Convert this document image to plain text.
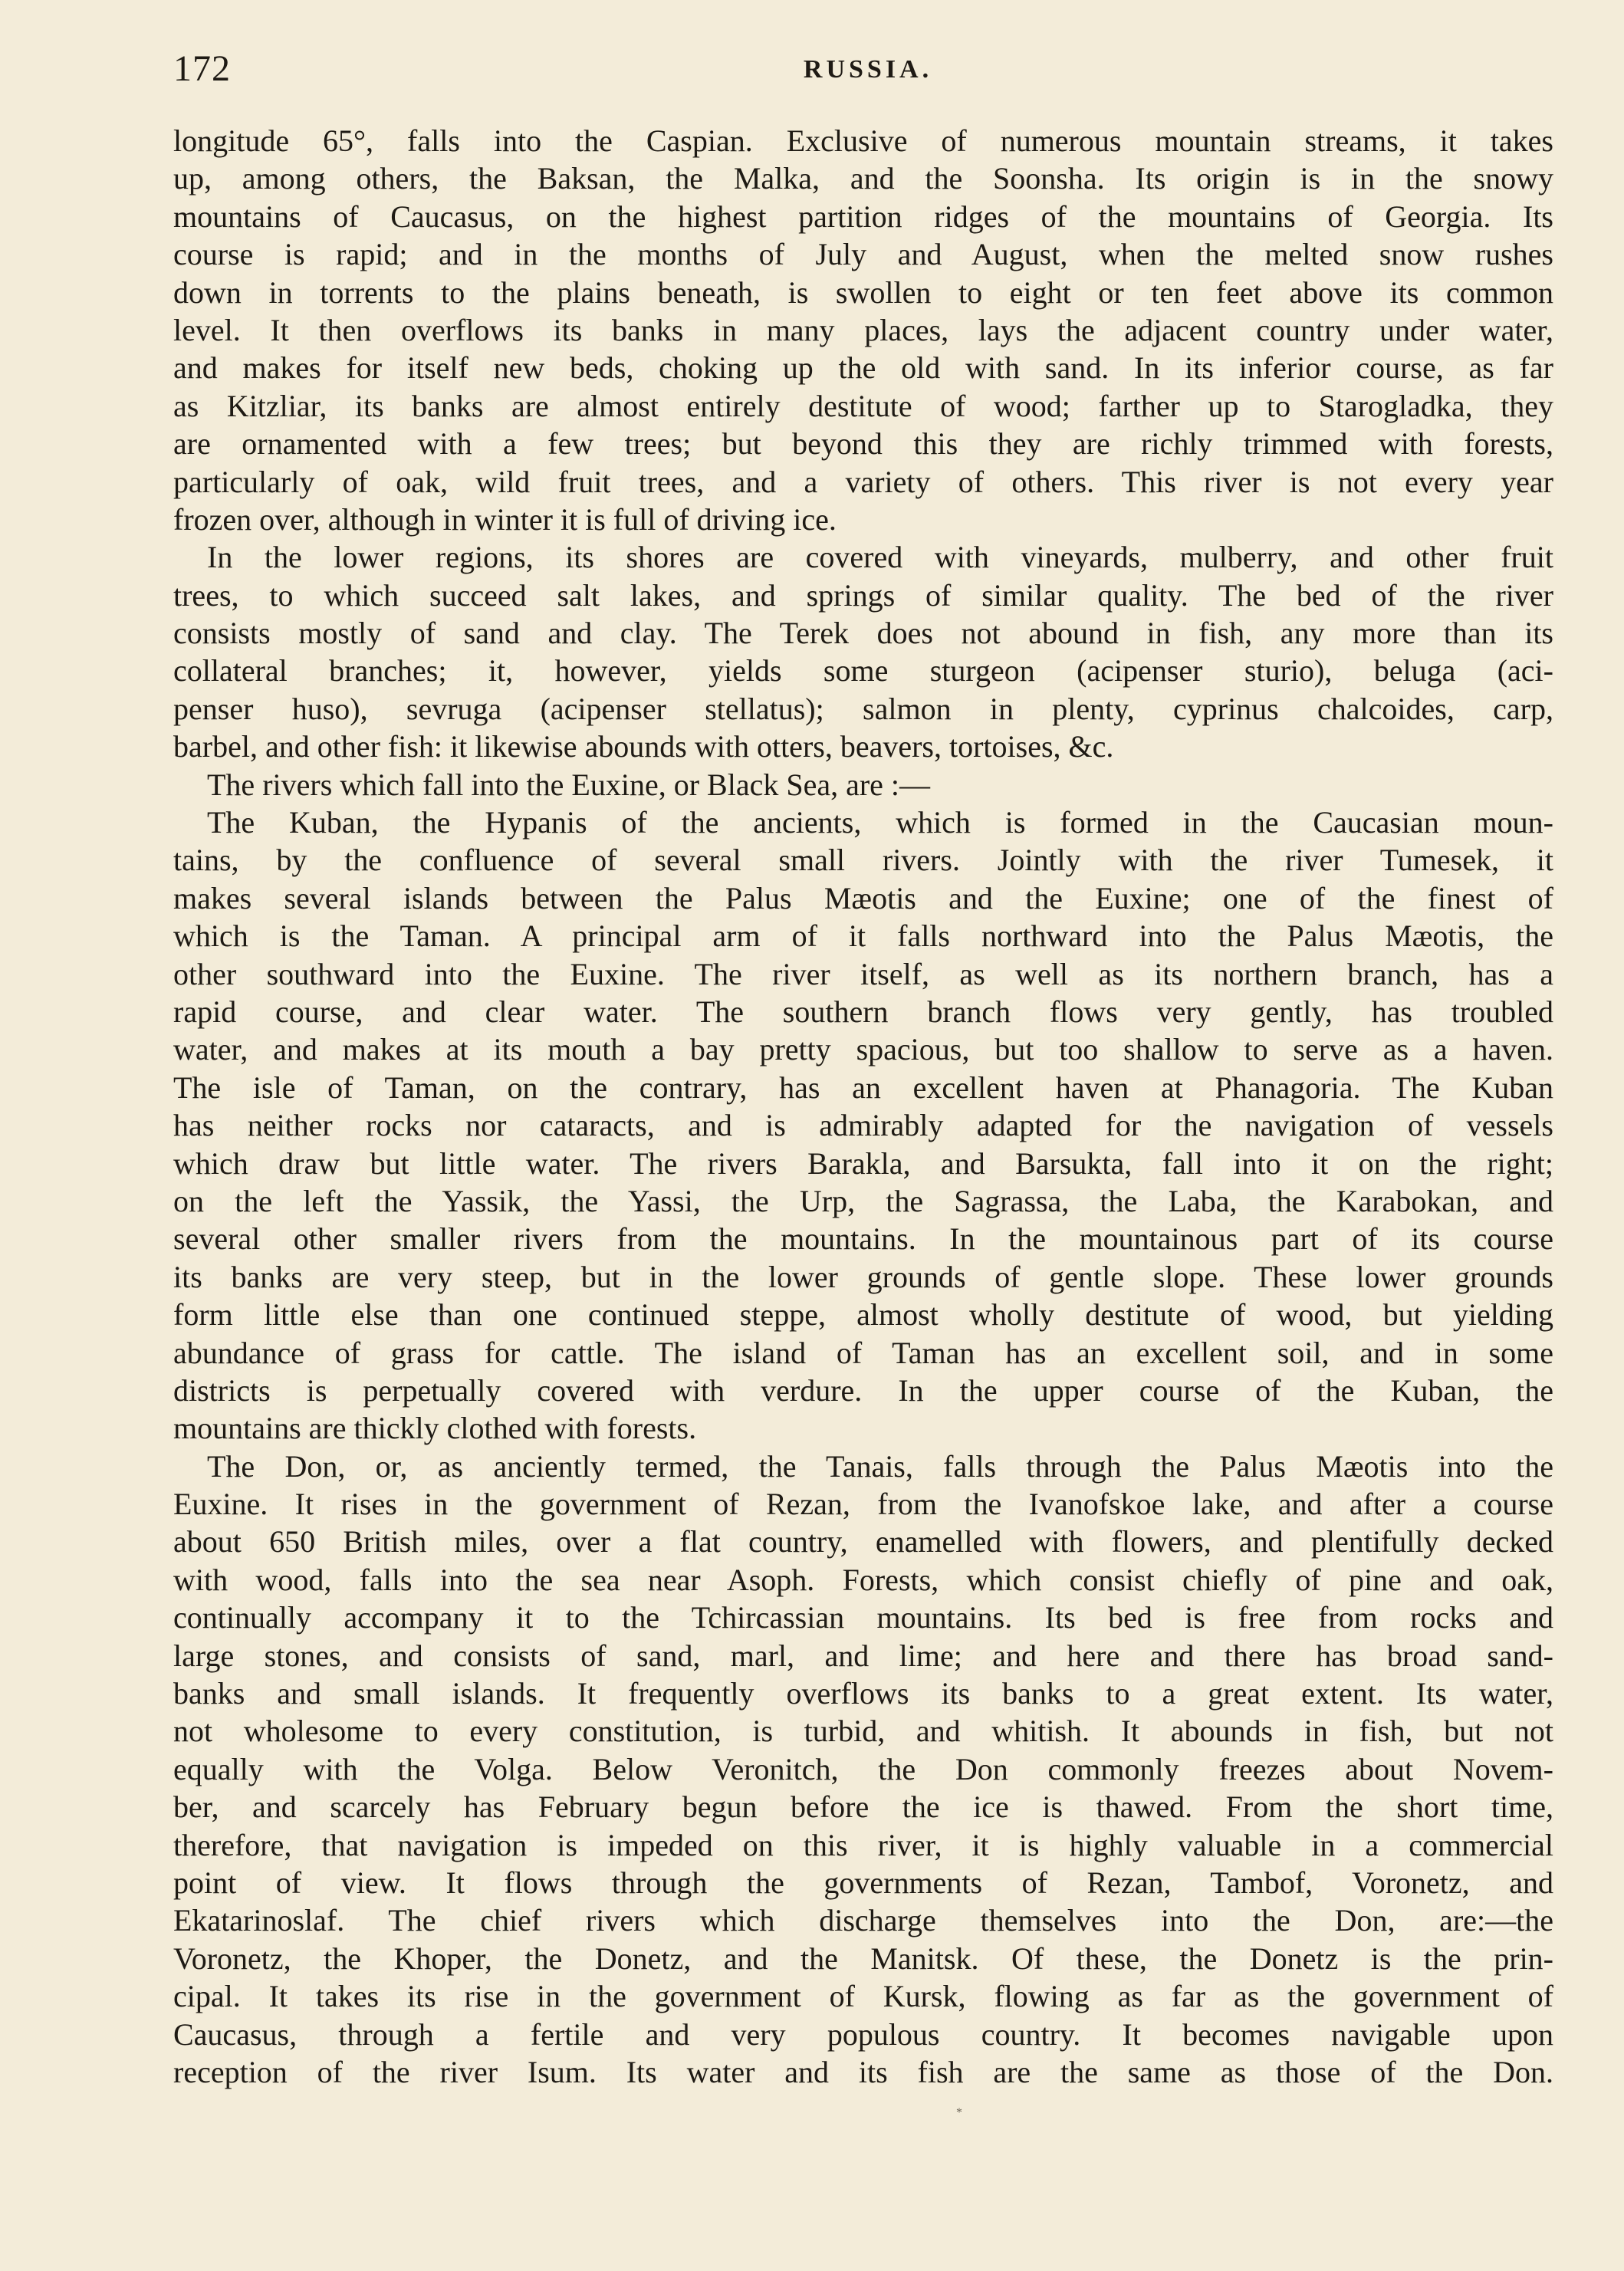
172	RUSSIA.
longitude 65°, falls into the Caspian. Exclusive of numerous mountain streams, it takes
up, among others, the Baksan, the Malka, and the Soonsha. Its origin is in the snowy
mountains of Caucasus, on the highest partition ridges of the mountains of Georgia. Its
course is rapid; and in the months of July and August, when the melted snow rushes
down in torrents to the plains beneath, is swollen to eight or ten feet above its common
level. It then overflows its banks in many places, lays the adjacent country under water,
and makes for itself new beds, choking up the old with sand. In its inferior course, as far
as Kitzliar, its banks are almost entirely destitute of wood; farther up to Starogladka, they
are ornamented with a few trees; but beyond this they are richly trimmed with forests,
particularly of oak, wild fruit trees, and a variety of others. This river is not every year
frozen over, although in winter it is full of driving ice.
In the lower regions, its shores are covered with vineyards, mulberry, and other fruit
trees, to which succeed salt lakes, and springs of similar quality. The bed of the river
consists mostly of sand and clay. The Terek does not abound in fish, any more than its
collateral branches; it, however, yields some sturgeon (acipenser sturio), beluga (aci-
penser huso), sevruga (acipenser stellatus); salmon in plenty, cyprinus chalcoides, carp,
barbel, and other fish: it likewise abounds with otters, beavers, tortoises, &c.
The rivers which fall into the Euxine, or Black Sea, are :—
The Kuban, the Hypanis of the ancients, which is formed in the Caucasian moun-
tains, by the confluence of several small rivers. Jointly with the river Tumesek, it
makes several islands between the Palus Mæotis and the Euxine; one of the finest of
which is the Taman. A principal arm of it falls northward into the Palus Mæotis, the
other southward into the Euxine. The river itself, as well as its northern branch, has a
rapid course, and clear water. The southern branch flows very gently, has troubled
water, and makes at its mouth a bay pretty spacious, but too shallow to serve as a haven.
The isle of Taman, on the contrary, has an excellent haven at Phanagoria. The Kuban
has neither rocks nor cataracts, and is admirably adapted for the navigation of vessels
which draw but little water. The rivers Barakla, and Barsukta, fall into it on the right;
on the left the Yassik, the Yassi, the Urp, the Sagrassa, the Laba, the Karabokan, and
several other smaller rivers from the mountains. In the mountainous part of its course
its banks are very steep, but in the lower grounds of gentle slope. These lower grounds
form little else than one continued steppe, almost wholly destitute of wood, but yielding
abundance of grass for cattle. The island of Taman has an excellent soil, and in some
districts is perpetually covered with verdure. In the upper course of the Kuban, the
mountains are thickly clothed with forests.
The Don, or, as anciently termed, the Tanais, falls through the Palus Mæotis into the
Euxine. It rises in the government of Rezan, from the Ivanofskoe lake, and after a course
about 650 British miles, over a flat country, enamelled with flowers, and plentifully decked
with wood, falls into the sea near Asoph. Forests, which consist chiefly of pine and oak,
continually accompany it to the Tchircassian mountains. Its bed is free from rocks and
large stones, and consists of sand, marl, and lime; and here and there has broad sand-
banks and small islands. It frequently overflows its banks to a great extent. Its water,
not wholesome to every constitution, is turbid, and whitish. It abounds in fish, but not
equally with the Volga. Below Veronitch, the Don commonly freezes about Novem-
ber, and scarcely has February begun before the ice is thawed. From the short time,
therefore, that navigation is impeded on this river, it is highly valuable in a commercial
point of view. It flows through the governments of Rezan, Tambof, Voronetz, and
Ekatarinoslaf. The chief rivers which discharge themselves into the Don, are:—the
Voronetz, the Khoper, the Donetz, and the Manitsk. Of these, the Donetz is the prin-
cipal. It takes its rise in the government of Kursk, flowing as far as the government of
Caucasus, through a fertile and very populous country. It becomes navigable upon
reception of the river Isum. Its water and its fish are the same as those of the Don.
*
